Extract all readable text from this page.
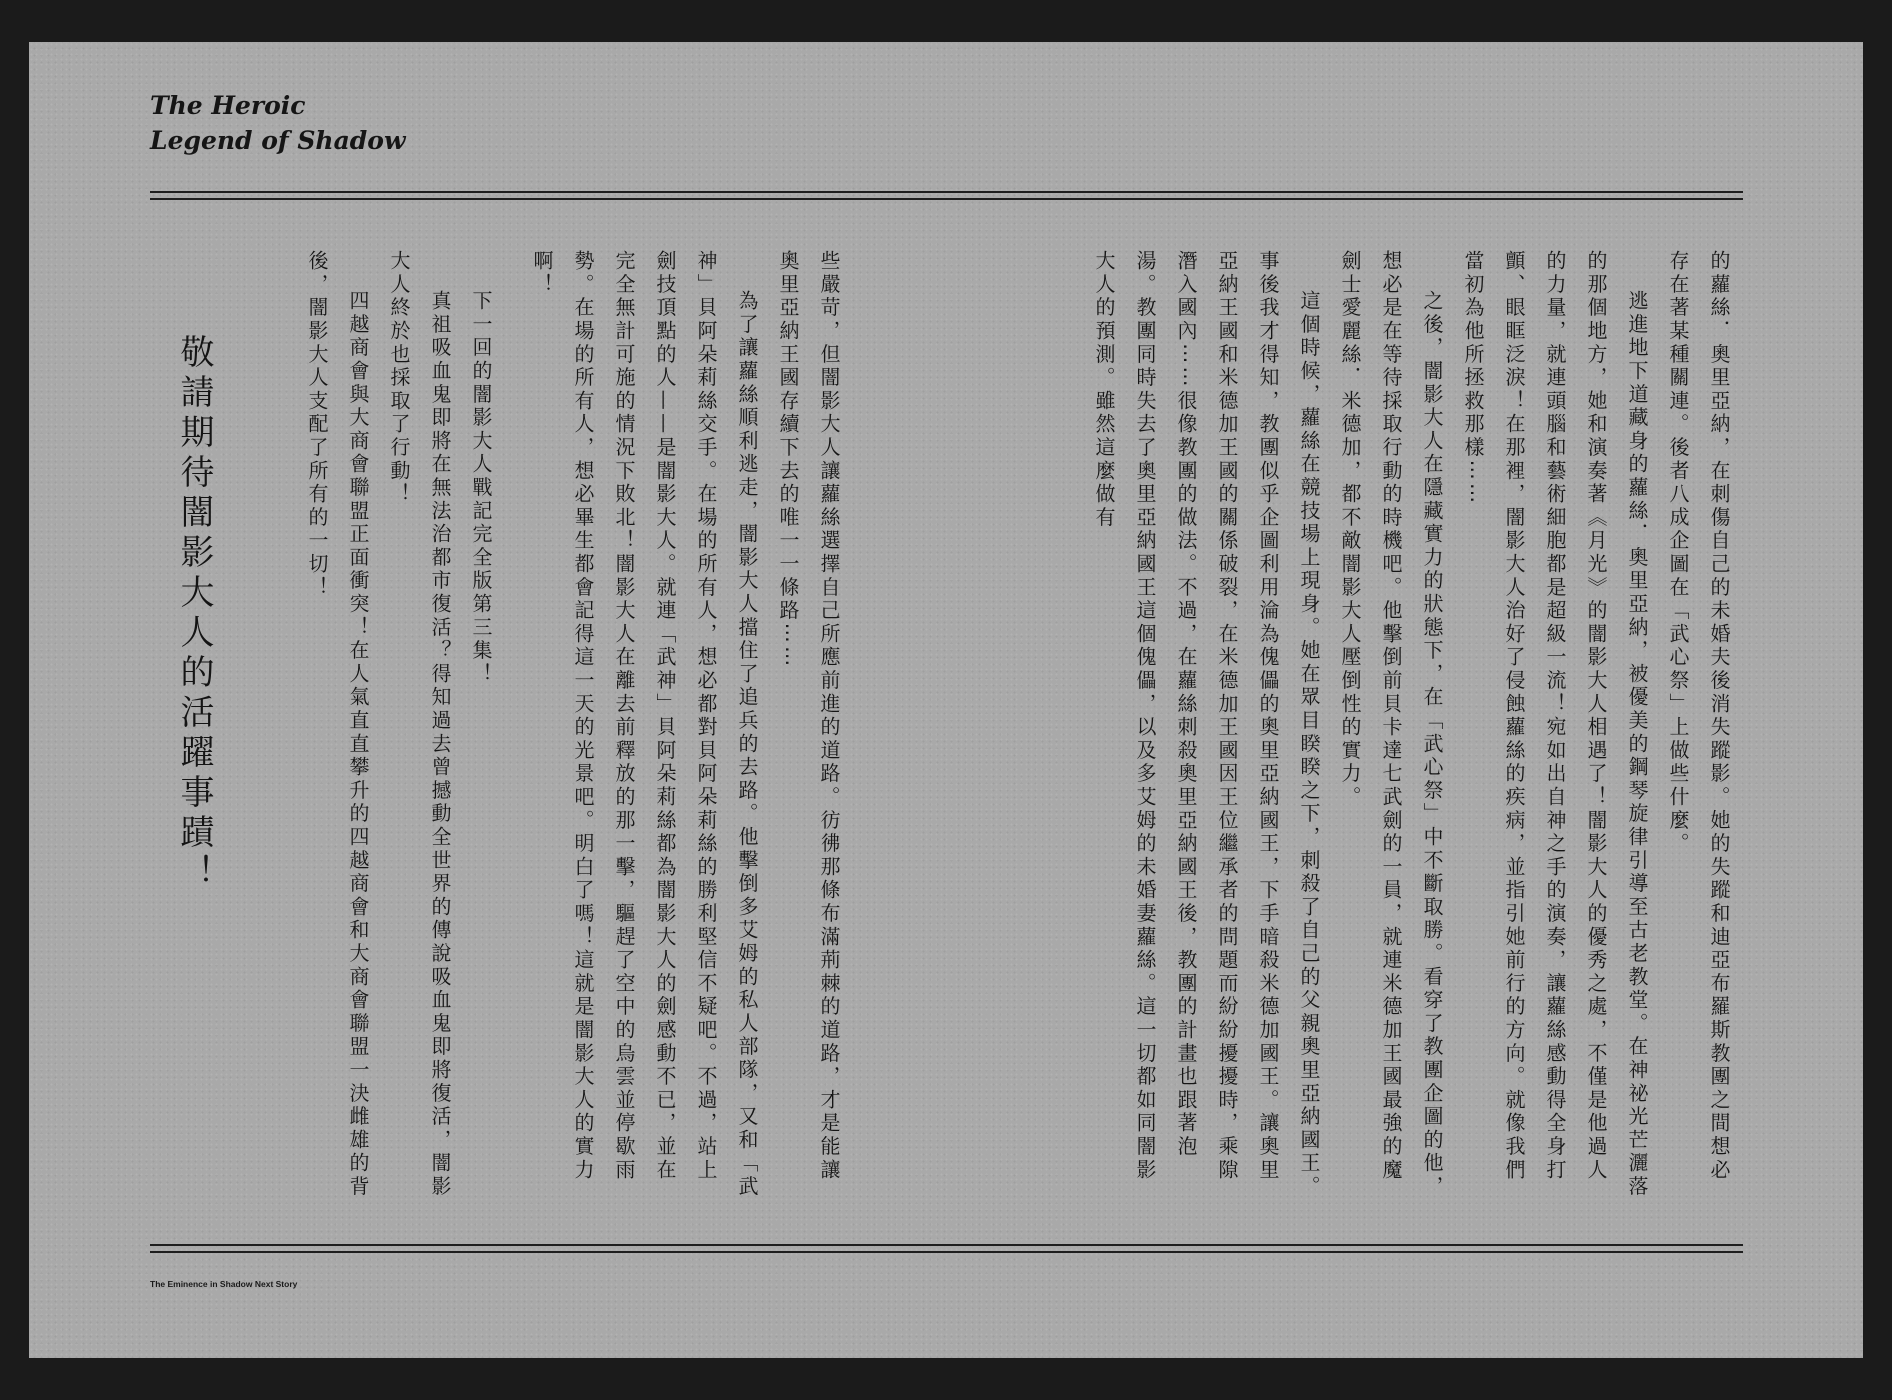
The Heroic
Legend of Shadow

的蘿絲．奧里亞納，在刺傷自己的未婚夫後消失蹤影。她的失蹤和迪亞布羅斯教團之間想必存在著某種關連。後者八成企圖在「武心祭」上做些什麼。

逃進地下道藏身的蘿絲．奧里亞納，被優美的鋼琴旋律引導至古老教堂。在神祕光芒灑落的那個地方，她和演奏著《月光》的闇影大人相遇了！闇影大人的優秀之處，不僅是他過人的力量，就連頭腦和藝術細胞都是超級一流！宛如出自神之手的演奏，讓蘿絲感動得全身打顫、眼眶泛淚！在那裡，闇影大人治好了侵蝕蘿絲的疾病，並指引她前行的方向。就像我們當初為他所拯救那樣⋯⋯

之後，闇影大人在隱藏實力的狀態下，在「武心祭」中不斷取勝。看穿了教團企圖的他，想必是在等待採取行動的時機吧。他擊倒前貝卡達七武劍的一員，就連米德加王國最強的魔劍士愛麗絲．米德加，都不敵闇影大人壓倒性的實力。

這個時候，蘿絲在競技場上現身。她在眾目睽睽之下，刺殺了自己的父親奧里亞納國王。事後我才得知，教團似乎企圖利用淪為傀儡的奧里亞納國王，下手暗殺米德加國王。讓奧里亞納王國和米德加王國的關係破裂，在米德加王國因王位繼承者的問題而紛紛擾擾時，乘隙潛入國內⋯⋯很像教團的做法。不過，在蘿絲刺殺奧里亞納國王後，教團的計畫也跟著泡湯。教團同時失去了奧里亞納國王這個傀儡，以及多艾姆的未婚妻蘿絲。這一切都如同闇影大人的預測。雖然這麼做有

些嚴苛，但闇影大人讓蘿絲選擇自己所應前進的道路。彷彿那條布滿荊棘的道路，才是能讓奧里亞納王國存續下去的唯一一條路⋯⋯

為了讓蘿絲順利逃走，闇影大人擋住了追兵的去路。他擊倒多艾姆的私人部隊，又和「武神」貝阿朵莉絲交手。在場的所有人，想必都對貝阿朵莉絲的勝利堅信不疑吧。不過，站上劍技頂點的人——是闇影大人。就連「武神」貝阿朵莉絲都為闇影大人的劍感動不已，並在完全無計可施的情況下敗北！闇影大人在離去前釋放的那一擊，驅趕了空中的烏雲並停歇雨勢。在場的所有人，想必畢生都會記得這一天的光景吧。明白了嗎！這就是闇影大人的實力啊！

下一回的闇影大人戰記完全版第三集！

真祖吸血鬼即將在無法治都市復活？得知過去曾撼動全世界的傳說吸血鬼即將復活，闇影大人終於也採取了行動！

四越商會與大商會聯盟正面衝突！在人氣直直攀升的四越商會和大商會聯盟一決雌雄的背後，闇影大人支配了所有的一切！

敬請期待闇影大人的活躍事蹟！

The Eminence in Shadow Next Story
